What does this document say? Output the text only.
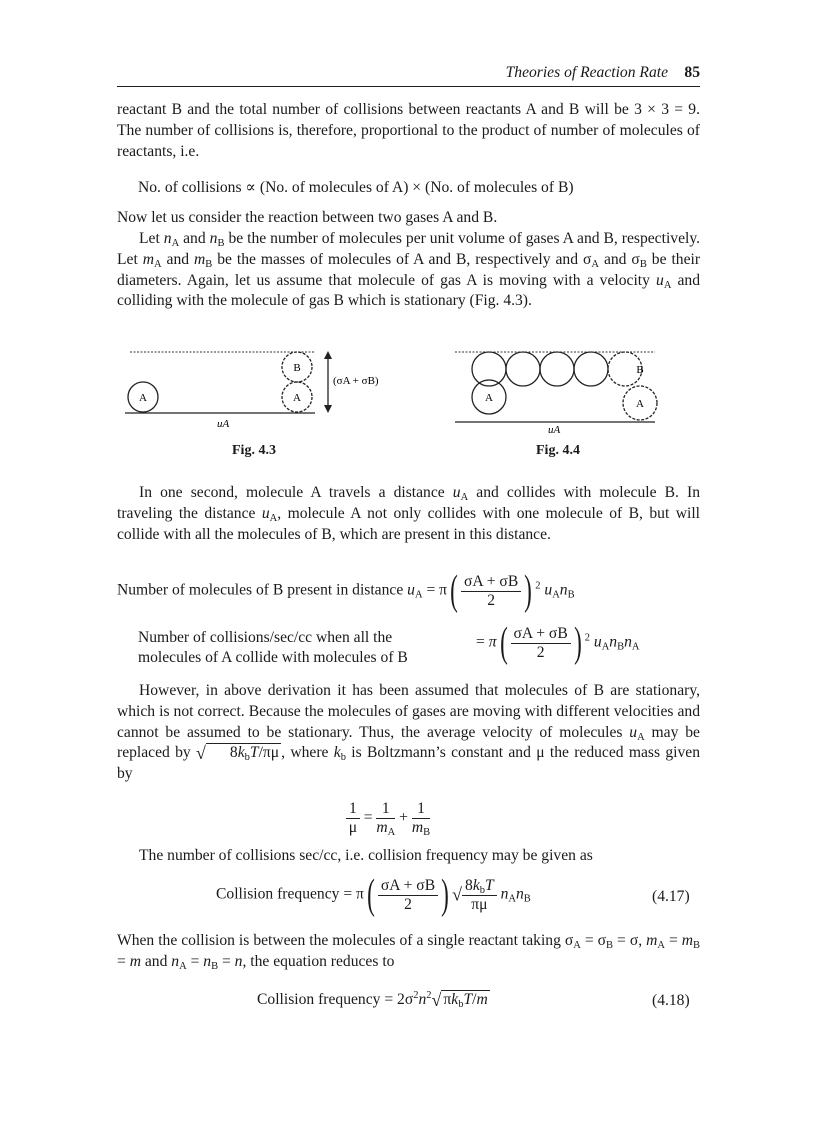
Theories of Reaction Rate 85
reactant B and the total number of collisions between reactants A and B will be 3 × 3 = 9. The number of collisions is, therefore, proportional to the product of number of molecules of reactants, i.e.
No. of collisions ∝ (No. of molecules of A) × (No. of molecules of B)
Now let us consider the reaction between two gases A and B.
Let $n_A$ and $n_B$ be the number of molecules per unit volume of gases A and B, respectively. Let $m_A$ and $m_B$ be the masses of molecules of A and B, respectively and $\sigma_A$ and $\sigma_B$ be their diameters. Again, let us assume that molecule of gas A is moving with a velocity $u_A$ and colliding with the molecule of gas B which is stationary (Fig. 4.3).
A
B
A
(σA + σB)
uA
Fig. 4.3
B
A	A
uA
Fig. 4.4
In one second, molecule A travels a distance $u_A$ and collides with molecule B. In traveling the distance $u_A$, molecule A not only collides with one molecule of B, but will collide with all the molecules of B, which are present in this distance.
Number of molecules of B present in distance $u_A = \pi( \frac{\sigma A + \sigma B}{2}$ ) $^2$ $u_An_B$
Number of collisions/sec/cc when all the
molecules of A collide with molecules of B
= $\pi( \frac{\sigma A + \sigma B}{2}$ ) $^2$ $u_An_Bn_A$
However, in above derivation it has been assumed that molecules of B are stationary, which is not correct. Because the molecules of gases are moving with different velocities and cannot be assumed to be stationary. Thus, the average velocity of molecules $u_A$ may be replaced by √ $8k_bT/\pi\mu$ , where $k_b$ is Boltzmann’s constant and μ the reduced mass given by
$\frac{1}{\mu} = \frac{1}{m_A} + \frac{1}{m_B}$
The number of collisions sec/cc, i.e. collision frequency may be given as
Collision frequency = $\pi( \frac{\sigma A + \sigma B}{2}$ ) √ $\frac{8k_bT}{\pi\mu} n_An_B$	(4.17)
When the collision is between the molecules of a single reactant taking $\sigma_A = \sigma_B = \sigma$, $m_A = m_B = m$ and $n_A = n_B = n$, the equation reduces to
Collision frequency = $2\sigma^2n^2√$ $\pi k_bT/m$	(4.18)
